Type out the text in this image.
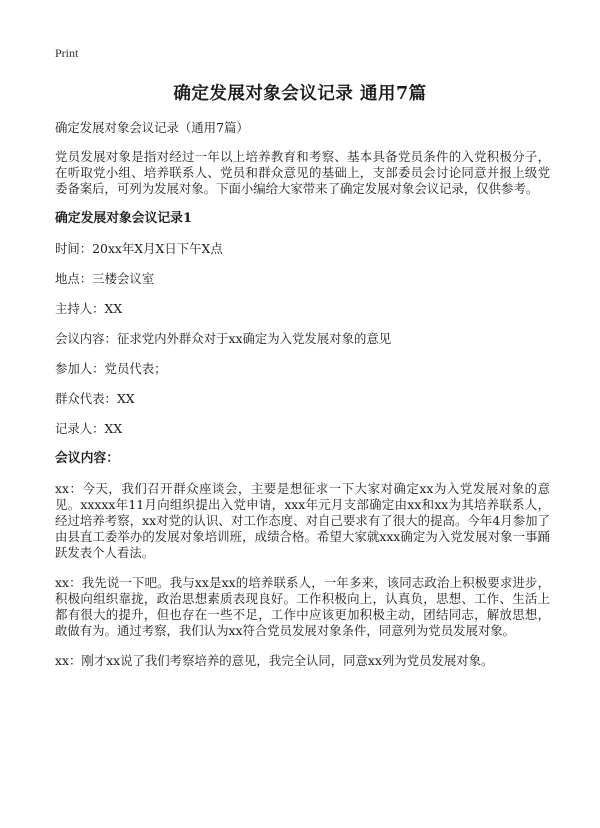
Print
确定发展对象会议记录 通用7篇

确定发展对象会议记录（通用7篇）

党员发展对象是指对经过一年以上培养教育和考察、基本具备党员条件的入党积极分子，在听取党小组、培养联系人、党员和群众意见的基础上，支部委员会讨论同意并报上级党委备案后，可列为发展对象。下面小编给大家带来了确定发展对象会议记录，仅供参考。

确定发展对象会议记录1

时间：20xx年X月X日下午X点

地点：三楼会议室

主持人：XX

会议内容：征求党内外群众对于xx确定为入党发展对象的意见

参加人：党员代表；

群众代表：XX

记录人：XX

会议内容：

xx：今天，我们召开群众座谈会，主要是想征求一下大家对确定xx为入党发展对象的意见。xxxxx年11月向组织提出入党申请，xxx年元月支部确定由xx和xx为其培养联系人，经过培养考察，xx对党的认识、对工作态度、对自己要求有了很大的提高。今年4月参加了由县直工委举办的发展对象培训班，成绩合格。希望大家就xxx确定为入党发展对象一事踊跃发表个人看法。

xx：我先说一下吧。我与xx是xx的培养联系人，一年多来，该同志政治上积极要求进步，积极向组织靠拢，政治思想素质表现良好。工作积极向上，认真负，思想、工作、生活上都有很大的提升，但也存在一些不足，工作中应该更加积极主动，团结同志，解放思想，敢做有为。通过考察，我们认为xx符合党员发展对象条件，同意列为党员发展对象。

xx：刚才xx说了我们考察培养的意见，我完全认同，同意xx列为党员发展对象。
